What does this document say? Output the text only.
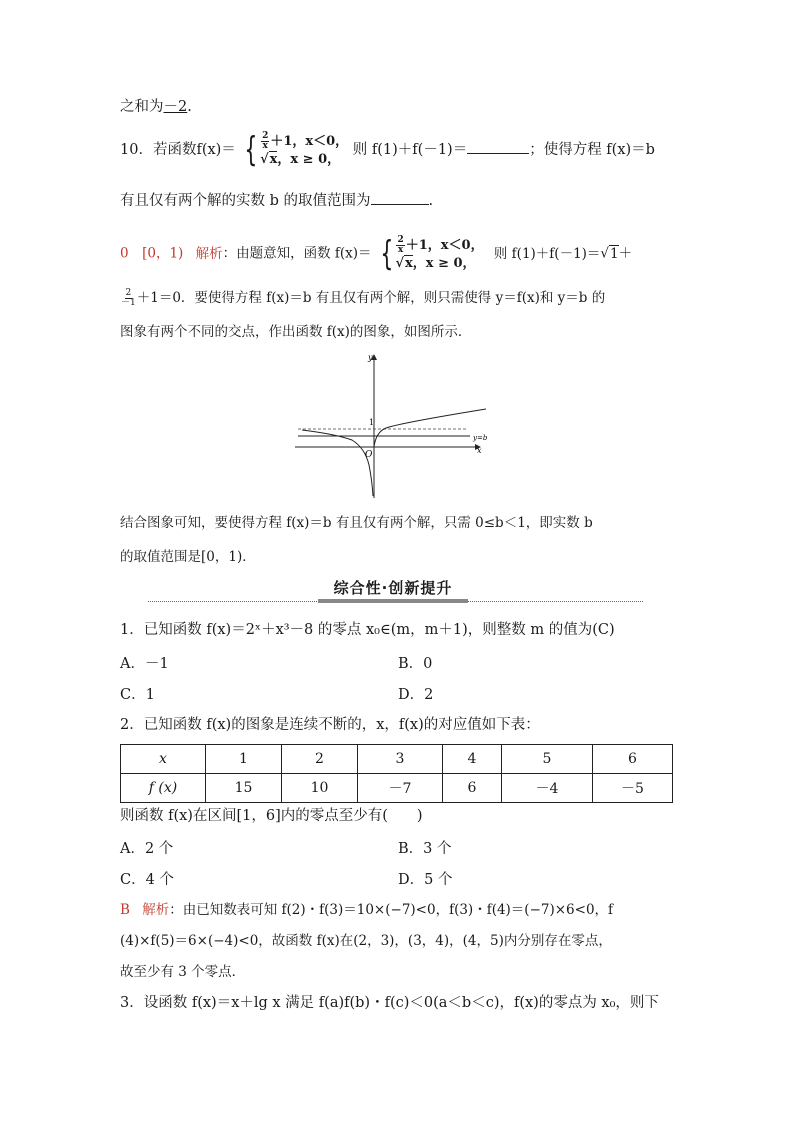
之和为－2.
10．若函数f(x)＝ { $\frac{2}{x} +1$，x＜0，
√x，x ≥ 0，
则 f(1)＋f(－1)＝	；使得方程 f(x)＝b
有且仅有两个解的实数 b 的取值范围为	.
0　[0，1) 解析：由题意知，函数 f(x)＝ { $\frac{2}{x} +1$，x＜0，
√x，x ≥ 0，
则 f(1)＋f(－1)＝√1＋
$\frac{2}{-1} +1=0$．要使得方程 f(x)＝b 有且仅有两个解，则只需使得 y＝f(x)和 y＝b 的
图象有两个不同的交点，作出函数 f(x)的图象，如图所示．
y
x
O
1
y=b
结合图象可知，要使得方程 f(x)＝b 有且仅有两个解，只需 0≤b＜1，即实数 b
的取值范围是[0，1)．
综合性·创新提升
1．已知函数 f(x)＝2ˣ＋x³－8 的零点 x₀∈(m，m＋1)，则整数 m 的值为(C)
A．－1	B．0
C．1	D．2
2．已知函数 f(x)的图象是连续不断的，x，f(x)的对应值如下表：
x	1	2	3	4	5	6
f (x)	15	10	－7	6	－4	－5
则函数 f(x)在区间[1，6]内的零点至少有(　　)
A．2 个	B．3 个
C．4 个	D．5 个
B 解析：由已知数表可知 f(2)・f(3)＝10×(−7)<0，f(3)・f(4)＝(−7)×6<0，f
(4)×f(5)＝6×(−4)<0，故函数 f(x)在(2，3)，(3，4)，(4，5)内分别存在零点，
故至少有 3 个零点．
3．设函数 f(x)＝x＋lg x 满足 f(a)f(b)・f(c)＜0(a＜b＜c)，f(x)的零点为 x₀，则下
